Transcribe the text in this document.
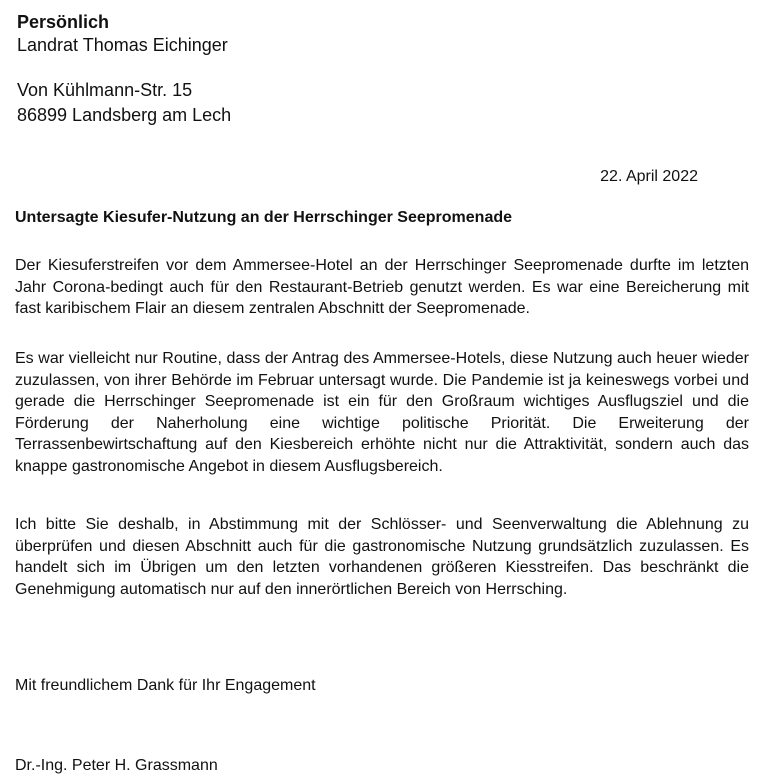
Persönlich
Landrat Thomas Eichinger
Von Kühlmann-Str. 15
86899 Landsberg am Lech
22. April 2022
Untersagte Kiesufer-Nutzung an der Herrschinger Seepromenade

Der Kiesuferstreifen vor dem Ammersee-Hotel an der Herrschinger Seepromenade durfte im letzten Jahr Corona-bedingt auch für den Restaurant-Betrieb genutzt werden. Es war eine Bereicherung mit fast karibischem Flair an diesem zentralen Abschnitt der Seepromenade.

Es war vielleicht nur Routine, dass der Antrag des Ammersee-Hotels, diese Nutzung auch heuer wieder zuzulassen, von ihrer Behörde im Februar untersagt wurde. Die Pandemie ist ja keineswegs vorbei und gerade die Herrschinger Seepromenade ist ein für den Großraum wichtiges Ausflugsziel und die Förderung der Naherholung eine wichtige politische Priorität. Die Erweiterung der Terrassenbewirtschaftung auf den Kiesbereich erhöhte nicht nur die Attraktivität, sondern auch das knappe gastronomische Angebot in diesem Ausflugsbereich.

Ich bitte Sie deshalb, in Abstimmung mit der Schlösser- und Seenverwaltung die Ablehnung zu überprüfen und diesen Abschnitt auch für die gastronomische Nutzung grundsätzlich zuzulassen. Es handelt sich im Übrigen um den letzten vorhandenen größeren Kiesstreifen. Das beschränkt die Genehmigung automatisch nur auf den innerörtlichen Bereich von Herrsching.

Mit freundlichem Dank für Ihr Engagement
Dr.-Ing. Peter H. Grassmann
